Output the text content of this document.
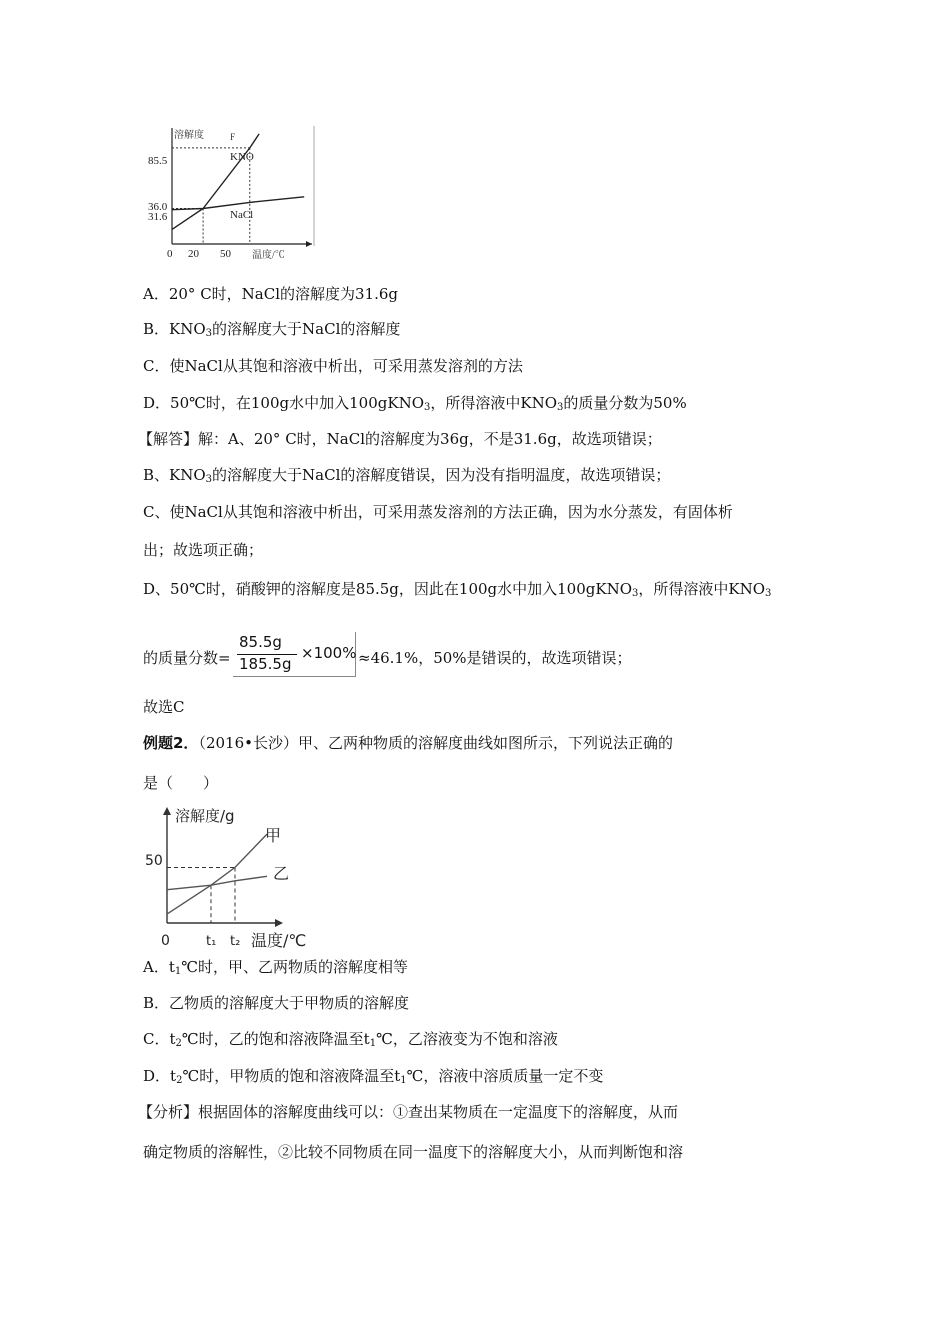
溶解度	F
KNO
NaCl
85.5
36.0
31.6
0 20 50 温度/℃
A．20° C时，NaCl的溶解度为31.6g
B．$KNO_3$的溶解度大于NaCl的溶解度
C．使NaCl从其饱和溶液中析出，可采用蒸发溶剂的方法
D．50℃时，在100g水中加入100gKNO$_3$，所得溶液中$KNO_3$的质量分数为50%
【解答】解：A、20° C时，NaCl的溶解度为36g，不是31.6g，故选项错误；
B、$KNO_3$的溶解度大于NaCl的溶解度错误，因为没有指明温度，故选项错误；
C、使NaCl从其饱和溶液中析出，可采用蒸发溶剂的方法正确，因为水分蒸发，有固体析
出；故选项正确；
D、50℃时，硝酸钾的溶解度是85.5g，因此在100g水中加入100gKNO$_3$，所得溶液中$KNO_3$
的质量分数=
85.5g
185.5g
×100% ≈46.1%，50%是错误的，故选项错误；
故选C
例题2．（2016•长沙）甲、乙两种物质的溶解度曲线如图所示，下列说法正确的
是（　　）
溶解度/g
甲
乙
50
0	t₁ t₂ 温度/℃
A．$t_1℃$时，甲、乙两物质的溶解度相等
B．乙物质的溶解度大于甲物质的溶解度
C．$t_2℃$时，乙的饱和溶液降温至$t_1℃$，乙溶液变为不饱和溶液
D．$t_2℃$时，甲物质的饱和溶液降温至$t_1℃$，溶液中溶质质量一定不变
【分析】根据固体的溶解度曲线可以：①查出某物质在一定温度下的溶解度，从而
确定物质的溶解性，②比较不同物质在同一温度下的溶解度大小，从而判断饱和溶
